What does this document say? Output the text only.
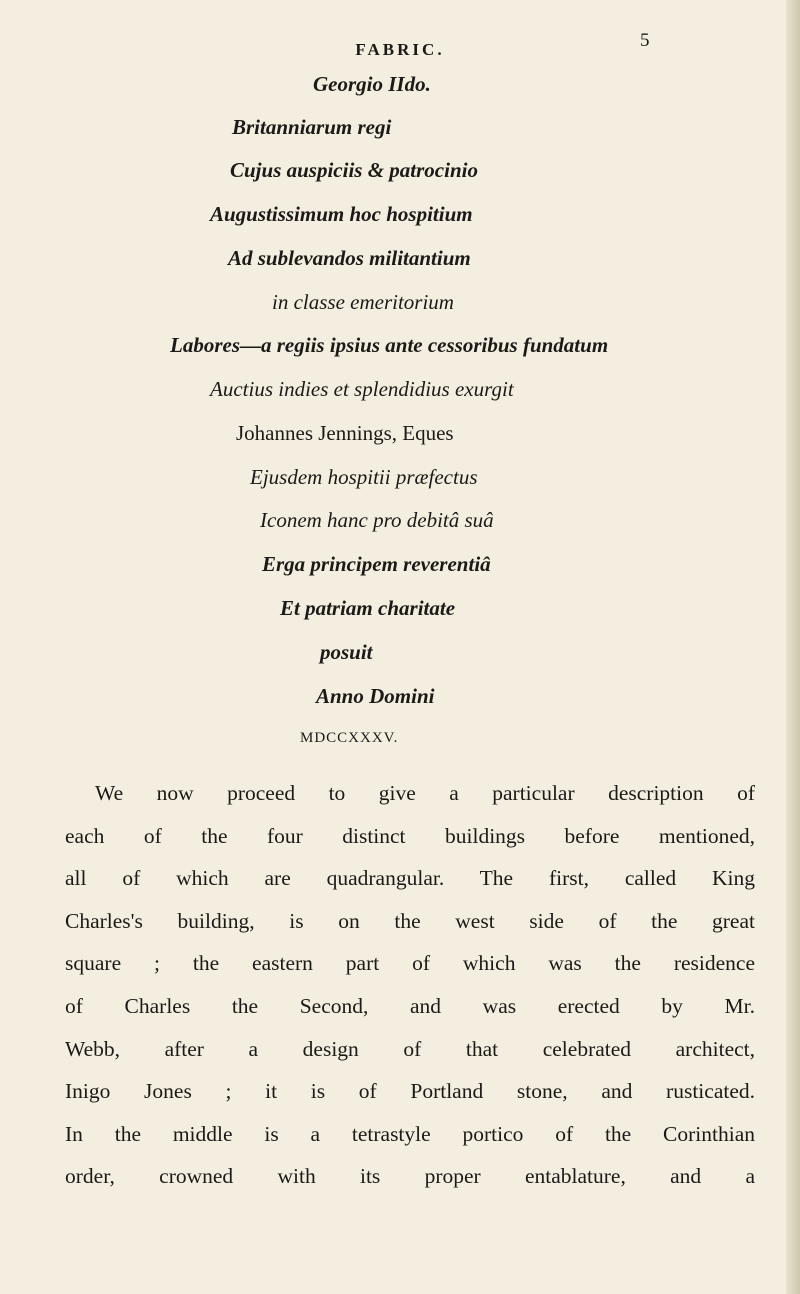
FABRIC.	5
Georgio IIdo.
Britanniarum regi
Cujus auspiciis & patrocinio
Augustissimum hoc hospitium
Ad sublevandos militantium
in classe emeritorium
Labores—a regiis ipsius ante cessoribus fundatum
Auctius indies et splendidius exurgit
Johannes Jennings, Eques
Ejusdem hospitii præfectus
Iconem hanc pro debitâ suâ
Erga principem reverentiâ
Et patriam charitate
posuit
Anno Domini
MDCCXXXV.
We now proceed to give a particular description of
each of the four distinct buildings before mentioned,
all of which are quadrangular. The first, called King
Charles's building, is on the west side of the great
square ; the eastern part of which was the residence
of Charles the Second, and was erected by Mr.
Webb, after a design of that celebrated architect,
Inigo Jones ; it is of Portland stone, and rusticated.
In the middle is a tetrastyle portico of the Corinthian
order, crowned with its proper entablature, and a
